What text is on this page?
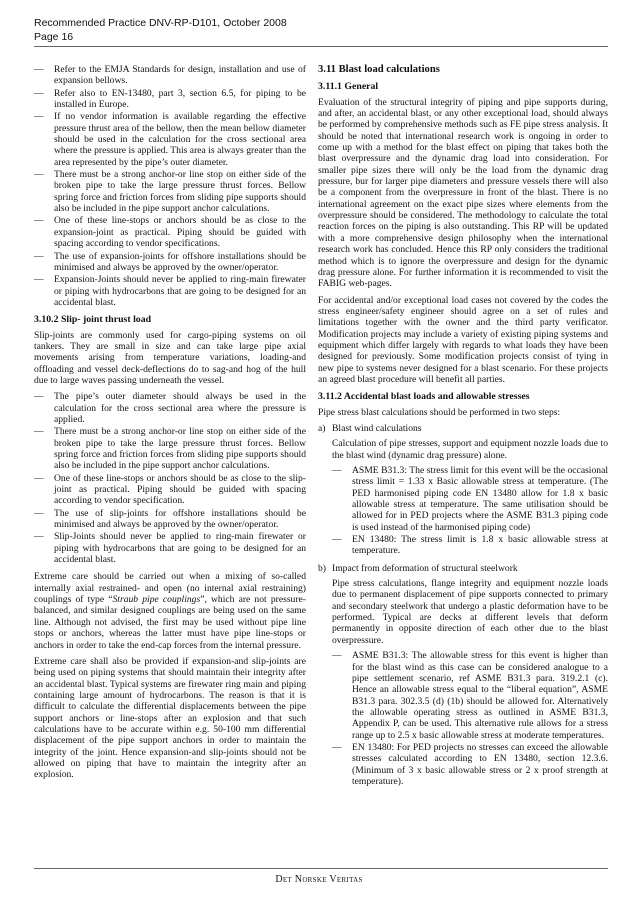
Recommended Practice DNV-RP-D101, October 2008
Page 16
— Refer to the EMJA Standards for design, installation and use of expansion bellows.
— Refer also to EN-13480, part 3, section 6.5, for piping to be installed in Europe.
— If no vendor information is available regarding the effective pressure thrust area of the bellow, then the mean bellow diameter should be used in the calculation for the cross sectional area where the pressure is applied. This area is always greater than the area represented by the pipe’s outer diameter.
— There must be a strong anchor-or line stop on either side of the broken pipe to take the large pressure thrust forces. Bellow spring force and friction forces from sliding pipe supports should also be included in the pipe support anchor calculations.
— One of these line-stops or anchors should be as close to the expansion-joint as practical. Piping should be guided with spacing according to vendor specifications.
— The use of expansion-joints for offshore installations should be minimised and always be approved by the owner/operator.
— Expansion-Joints should never be applied to ring-main firewater or piping with hydrocarbons that are going to be designed for an accidental blast.
3.10.2 Slip- joint thrust load

Slip-joints are commonly used for cargo-piping systems on oil tankers. They are small in size and can take large pipe axial movements arising from temperature variations, loading-and offloading and vessel deck-deflections do to sag-and hog of the hull due to large waves passing underneath the vessel.

— The pipe’s outer diameter should always be used in the calculation for the cross sectional area where the pressure is applied.
— There must be a strong anchor-or line stop on either side of the broken pipe to take the large pressure thrust forces. Bellow spring force and friction forces from sliding pipe supports should also be included in the pipe support anchor calculations.
— One of these line-stops or anchors should be as close to the slip-joint as practical. Piping should be guided with spacing according to vendor specification.
— The use of slip-joints for offshore installations should be minimised and always be approved by the owner/operator.
— Slip-Joints should never be applied to ring-main firewater or piping with hydrocarbons that are going to be designed for an accidental blast.

Extreme care should be carried out when a mixing of so-called internally axial restrained- and open (no internal axial restraining) couplings of type “Straub pipe couplings”, which are not pressure-balanced, and similar designed couplings are being used on the same line. Although not advised, the first may be used without pipe line stops or anchors, whereas the latter must have pipe line-stops or anchors in order to take the end-cap forces from the internal pressure.

Extreme care shall also be provided if expansion-and slip-joints are being used on piping systems that should maintain their integrity after an accidental blast. Typical systems are firewater ring main and piping containing large amount of hydrocarbons. The reason is that it is difficult to calculate the differential displacements between the pipe support anchors or line-stops after an explosion and that such calculations have to be accurate within e.g. 50-100 mm differential displacement of the pipe support anchors in order to maintain the integrity of the joint. Hence expansion-and slip-joints should not be allowed on piping that have to maintain the integrity after an explosion.

3.11 Blast load calculations
3.11.1 General

Evaluation of the structural integrity of piping and pipe supports during, and after, an accidental blast, or any other exceptional load, should always be performed by comprehensive methods such as FE pipe stress analysis. It should be noted that international research work is ongoing in order to come up with a method for the blast effect on piping that takes both the blast overpressure and the dynamic drag load into consideration. For smaller pipe sizes there will only be the load from the dynamic drag pressure, bur for larger pipe diameters and pressure vessels there will also be a component from the overpressure in front of the blast. There is no international agreement on the exact pipe sizes where elements from the overpressure should be considered. The methodology to calculate the total reaction forces on the piping is also outstanding. This RP will be updated with a more comprehensive design philosophy when the international research work has concluded. Hence this RP only considers the traditional method which is to ignore the overpressure and design for the dynamic drag pressure alone. For further information it is recommended to visit the FABIG web-pages.

For accidental and/or exceptional load cases not covered by the codes the stress engineer/safety engineer should agree on a set of rules and limitations together with the owner and the third party verificator. Modification projects may include a variety of existing piping systems and equipment which differ largely with regards to what loads they have been designed for previously. Some modification projects consist of tying in new pipe to systems never designed for a blast scenario. For these projects an agreed blast procedure will benefit all parties.

3.11.2 Accidental blast loads and allowable stresses

Pipe stress blast calculations should be performed in two steps:

a) Blast wind calculations

Calculation of pipe stresses, support and equipment nozzle loads due to the blast wind (dynamic drag pressure) alone.

— ASME B31.3: The stress limit for this event will be the occasional stress limit = 1.33 x Basic allowable stress at temperature. (The PED harmonised piping code EN 13480 allow for 1.8 x basic allowable stress at temperature. The same utilisation should be allowed for in PED projects where the ASME B31.3 piping code is used instead of the harmonised piping code)
— EN 13480: The stress limit is 1.8 x basic allowable stress at temperature.
b) Impact from deformation of structural steelwork

Pipe stress calculations, flange integrity and equipment nozzle loads due to permanent displacement of pipe supports connected to primary and secondary steelwork that undergo a plastic deformation have to be performed. Typical are decks at different levels that deform permanently in opposite direction of each other due to the blast overpressure.

— ASME B31.3: The allowable stress for this event is higher than for the blast wind as this case can be considered analogue to a pipe settlement scenario, ref ASME B31.3 para. 319.2.1 (c). Hence an allowable stress equal to the “liberal equation”, ASME B31.3 para. 302.3.5 (d) (1b) should be allowed for. Alternatively the allowable operating stress as outlined in ASME B31.3, Appendix P, can be used. This alternative rule allows for a stress range up to 2.5 x basic allowable stress at moderate temperatures.
— EN 13480: For PED projects no stresses can exceed the allowable stresses calculated according to EN 13480, section 12.3.6. (Minimum of 3 x basic allowable stress or 2 x proof strength at temperature).
Det Norske Veritas
